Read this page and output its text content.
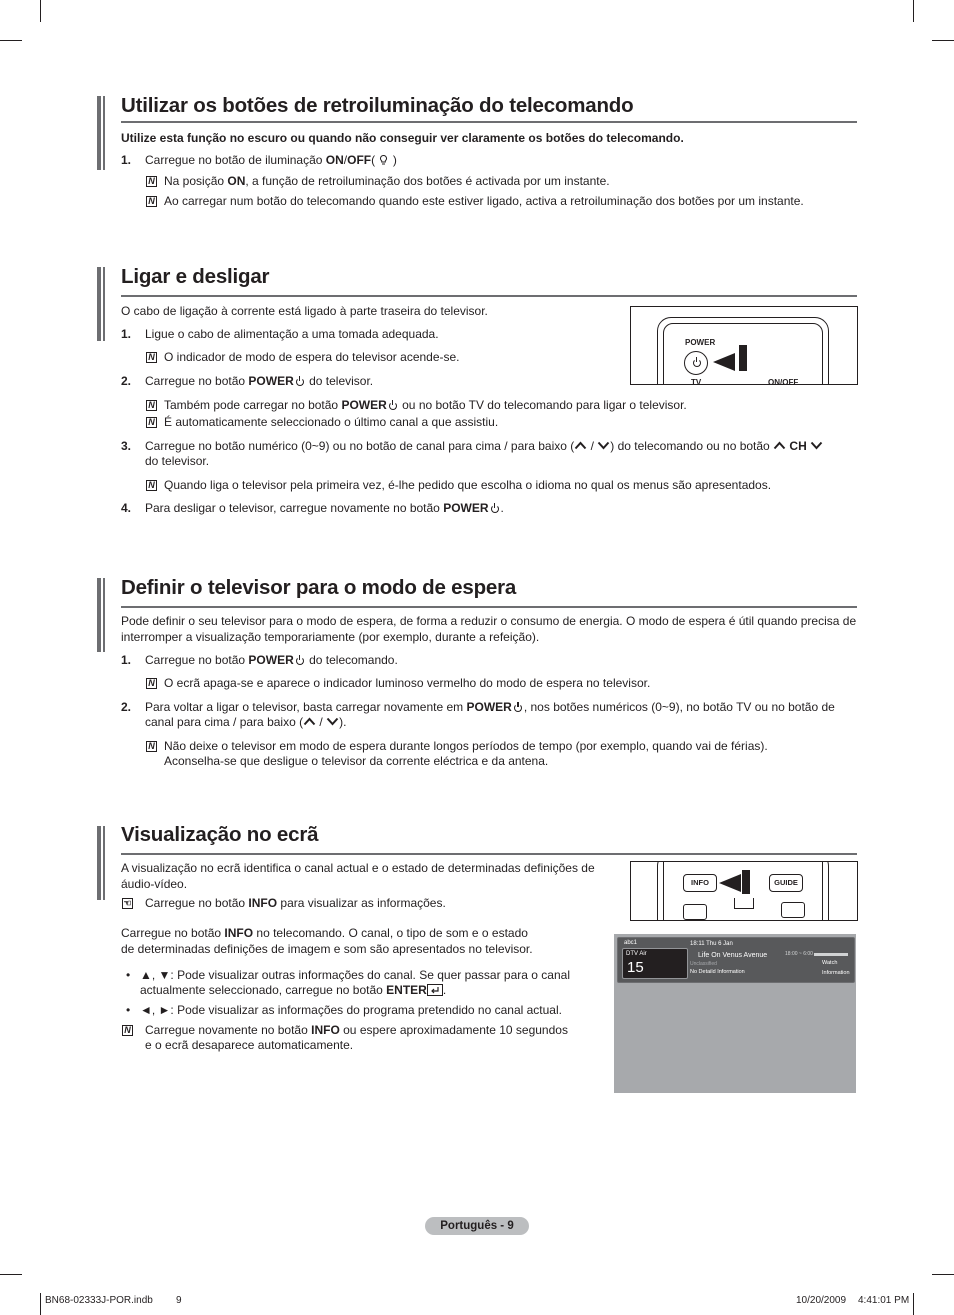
Utilizar os botões de retroiluminação do telecomando
Utilize esta função no escuro ou quando não conseguir ver claramente os botões do telecomando.
1. Carregue no botão de iluminação ON/OFF(  )
N Na posição ON, a função de retroiluminação dos botões é activada por um instante.
N Ao carregar num botão do telecomando quando este estiver ligado, activa a retroiluminação dos botões por um instante.
Ligar e desligar
O cabo de ligação à corrente está ligado à parte traseira do televisor.
POWER
TV	ON/OFF
1. Ligue o cabo de alimentação a uma tomada adequada.
N O indicador de modo de espera do televisor acende-se.
2. Carregue no botão POWER do televisor.
N Também pode carregar no botão POWER ou no botão TV do telecomando para ligar o televisor.
N É automaticamente seleccionado o último canal a que assistiu.
3. Carregue no botão numérico (0~9) ou no botão de canal para cima / para baixo ( / ) do telecomando ou no botão  CH
do televisor.
N Quando liga o televisor pela primeira vez, é-lhe pedido que escolha o idioma no qual os menus são apresentados.
4. Para desligar o televisor, carregue novamente no botão POWER .
Definir o televisor para o modo de espera
Pode definir o seu televisor para o modo de espera, de forma a reduzir o consumo de energia. O modo de espera é útil quando precisa de interromper a visualização temporariamente (por exemplo, durante a refeição).
1. Carregue no botão POWER do telecomando.
N O ecrã apaga-se e aparece o indicador luminoso vermelho do modo de espera no televisor.
2. Para voltar a ligar o televisor, basta carregar novamente em POWER , nos botões numéricos (0~9), no botão TV ou no botão de
canal para cima / para baixo ( / ).
N Não deixe o televisor em modo de espera durante longos períodos de tempo (por exemplo, quando vai de férias).
Aconselha-se que desligue o televisor da corrente eléctrica e da antena.
Visualização no ecrã
A visualização no ecrã identifica o canal actual e o estado de determinadas definições de áudio-vídeo.
☜ Carregue no botão INFO para visualizar as informações.
Carregue no botão INFO no telecomando. O canal, o tipo de som e o estado
de determinadas definições de imagem e som são apresentados no televisor.
• ▲, ▼: Pode visualizar outras informações do canal. Se quer passar para o canal
actualmente seleccionado, carregue no botão ENTER .
• ◄, ►: Pode visualizar as informações do programa pretendido no canal actual.
N Carregue novamente no botão INFO ou espere aproximadamente 10 segundos
e o ecrã desaparece automaticamente.
INFO	GUIDE
abc1
DTV Air
15
18:11 Thu 6 Jan
Life On Venus Avenue	18:00 ~ 6:00
Unclassified
No Detaild Information
Watch
Information
Português - 9
BN68-02333J-POR.indb 9	10/20/2009 4:41:01 PM
